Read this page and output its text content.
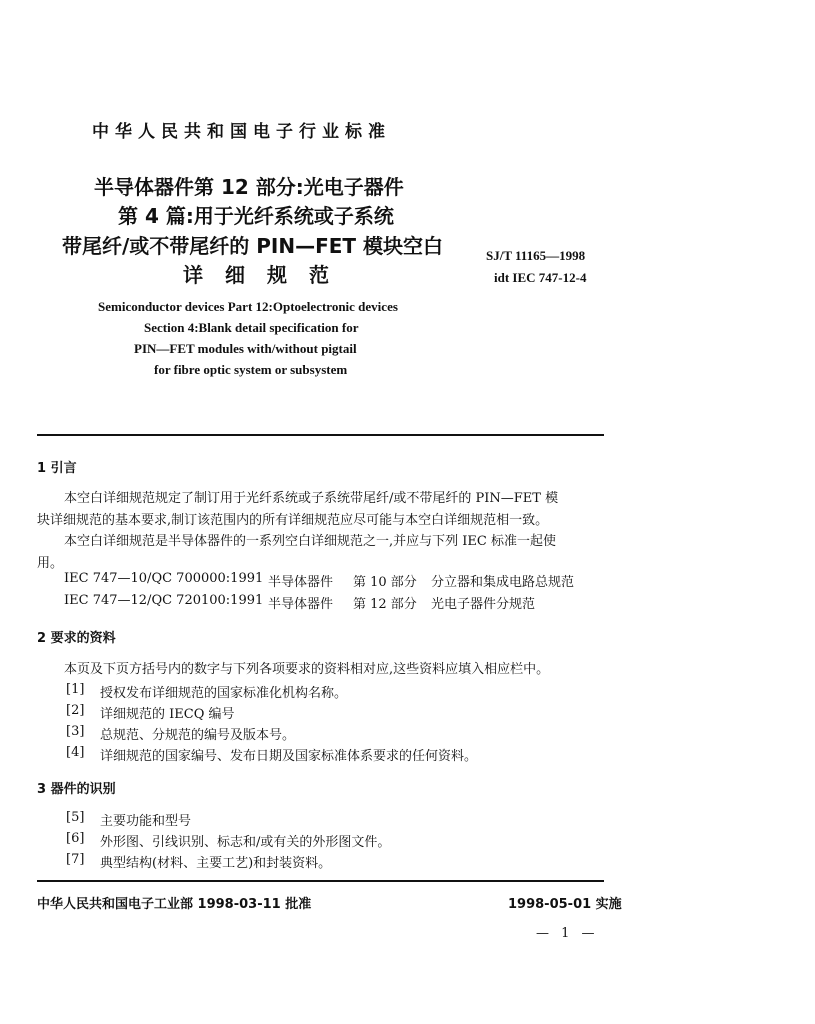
中华人民共和国电子行业标准
半导体器件第 12 部分:光电子器件
第 4 篇:用于光纤系统或子系统
带尾纤/或不带尾纤的 PIN—FET 模块空白
详细规范
SJ/T 11165—1998
idt IEC 747-12-4
Semiconductor devices Part 12:Optoelectronic devices
Section 4:Blank detail specification for
PIN—FET modules with/without pigtail
for fibre optic system or subsystem
1 引言
本空白详细规范规定了制订用于光纤系统或子系统带尾纤/或不带尾纤的 PIN—FET 模
块详细规范的基本要求,制订该范围内的所有详细规范应尽可能与本空白详细规范相一致。
本空白详细规范是半导体器件的一系列空白详细规范之一,并应与下列 IEC 标准一起使
用。
IEC 747—10/QC 700000:1991 半导体器件 第 10 部分 分立器和集成电路总规范
IEC 747—12/QC 720100:1991 半导体器件 第 12 部分 光电子器件分规范
2 要求的资料
本页及下页方括号内的数字与下列各项要求的资料相对应,这些资料应填入相应栏中。
[1] 授权发布详细规范的国家标准化机构名称。
[2] 详细规范的 IECQ 编号
[3] 总规范、分规范的编号及版本号。
[4] 详细规范的国家编号、发布日期及国家标准体系要求的任何资料。
3 器件的识别
[5] 主要功能和型号
[6] 外形图、引线识别、标志和/或有关的外形图文件。
[7] 典型结构(材料、主要工艺)和封装资料。
中华人民共和国电子工业部 1998-03-11 批准	1998-05-01 实施
— 1 —
